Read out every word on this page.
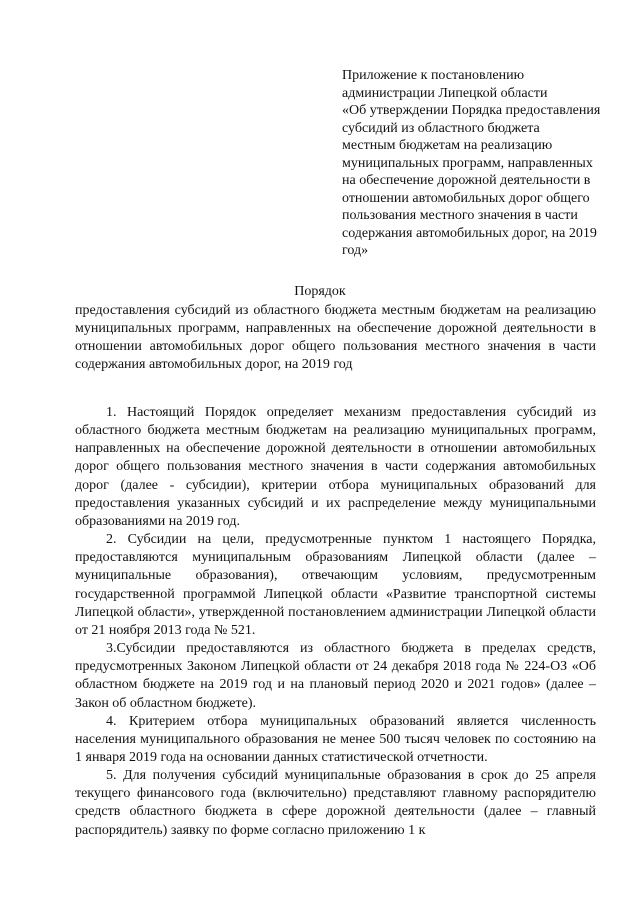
Приложение к постановлению
администрации Липецкой области
«Об утверждении Порядка предоставления
субсидий из областного бюджета
местным бюджетам на реализацию
муниципальных программ, направленных
на обеспечение дорожной деятельности в
отношении автомобильных дорог общего
пользования местного значения в части
содержания автомобильных дорог, на 2019
год»
Порядок
предоставления субсидий из областного бюджета местным бюджетам на реализацию муниципальных программ, направленных на обеспечение дорожной деятельности в отношении автомобильных дорог общего пользования местного значения в части содержания автомобильных дорог, на 2019 год

1. Настоящий Порядок определяет механизм предоставления субсидий из областного бюджета местным бюджетам на реализацию муниципальных программ, направленных на обеспечение дорожной деятельности в отношении автомобильных дорог общего пользования местного значения в части содержания автомобильных дорог (далее - субсидии), критерии отбора муниципальных образований для предоставления указанных субсидий и их распределение между муниципальными образованиями на 2019 год.

2. Субсидии на цели, предусмотренные пунктом 1 настоящего Порядка, предоставляются муниципальным образованиям Липецкой области (далее – муниципальные образования), отвечающим условиям, предусмотренным государственной программой Липецкой области «Развитие транспортной системы Липецкой области», утвержденной постановлением администрации Липецкой области от 21 ноября 2013 года № 521.

3.Субсидии предоставляются из областного бюджета в пределах средств, предусмотренных Законом Липецкой области от 24 декабря 2018 года № 224-ОЗ «Об областном бюджете на 2019 год и на плановый период 2020 и 2021 годов» (далее – Закон об областном бюджете).

4. Критерием отбора муниципальных образований является численность населения муниципального образования не менее 500 тысяч человек по состоянию на 1 января 2019 года на основании данных статистической отчетности.

5. Для получения субсидий муниципальные образования в срок до 25 апреля текущего финансового года (включительно) представляют главному распорядителю средств областного бюджета в сфере дорожной деятельности (далее – главный распорядитель) заявку по форме согласно приложению 1 к
